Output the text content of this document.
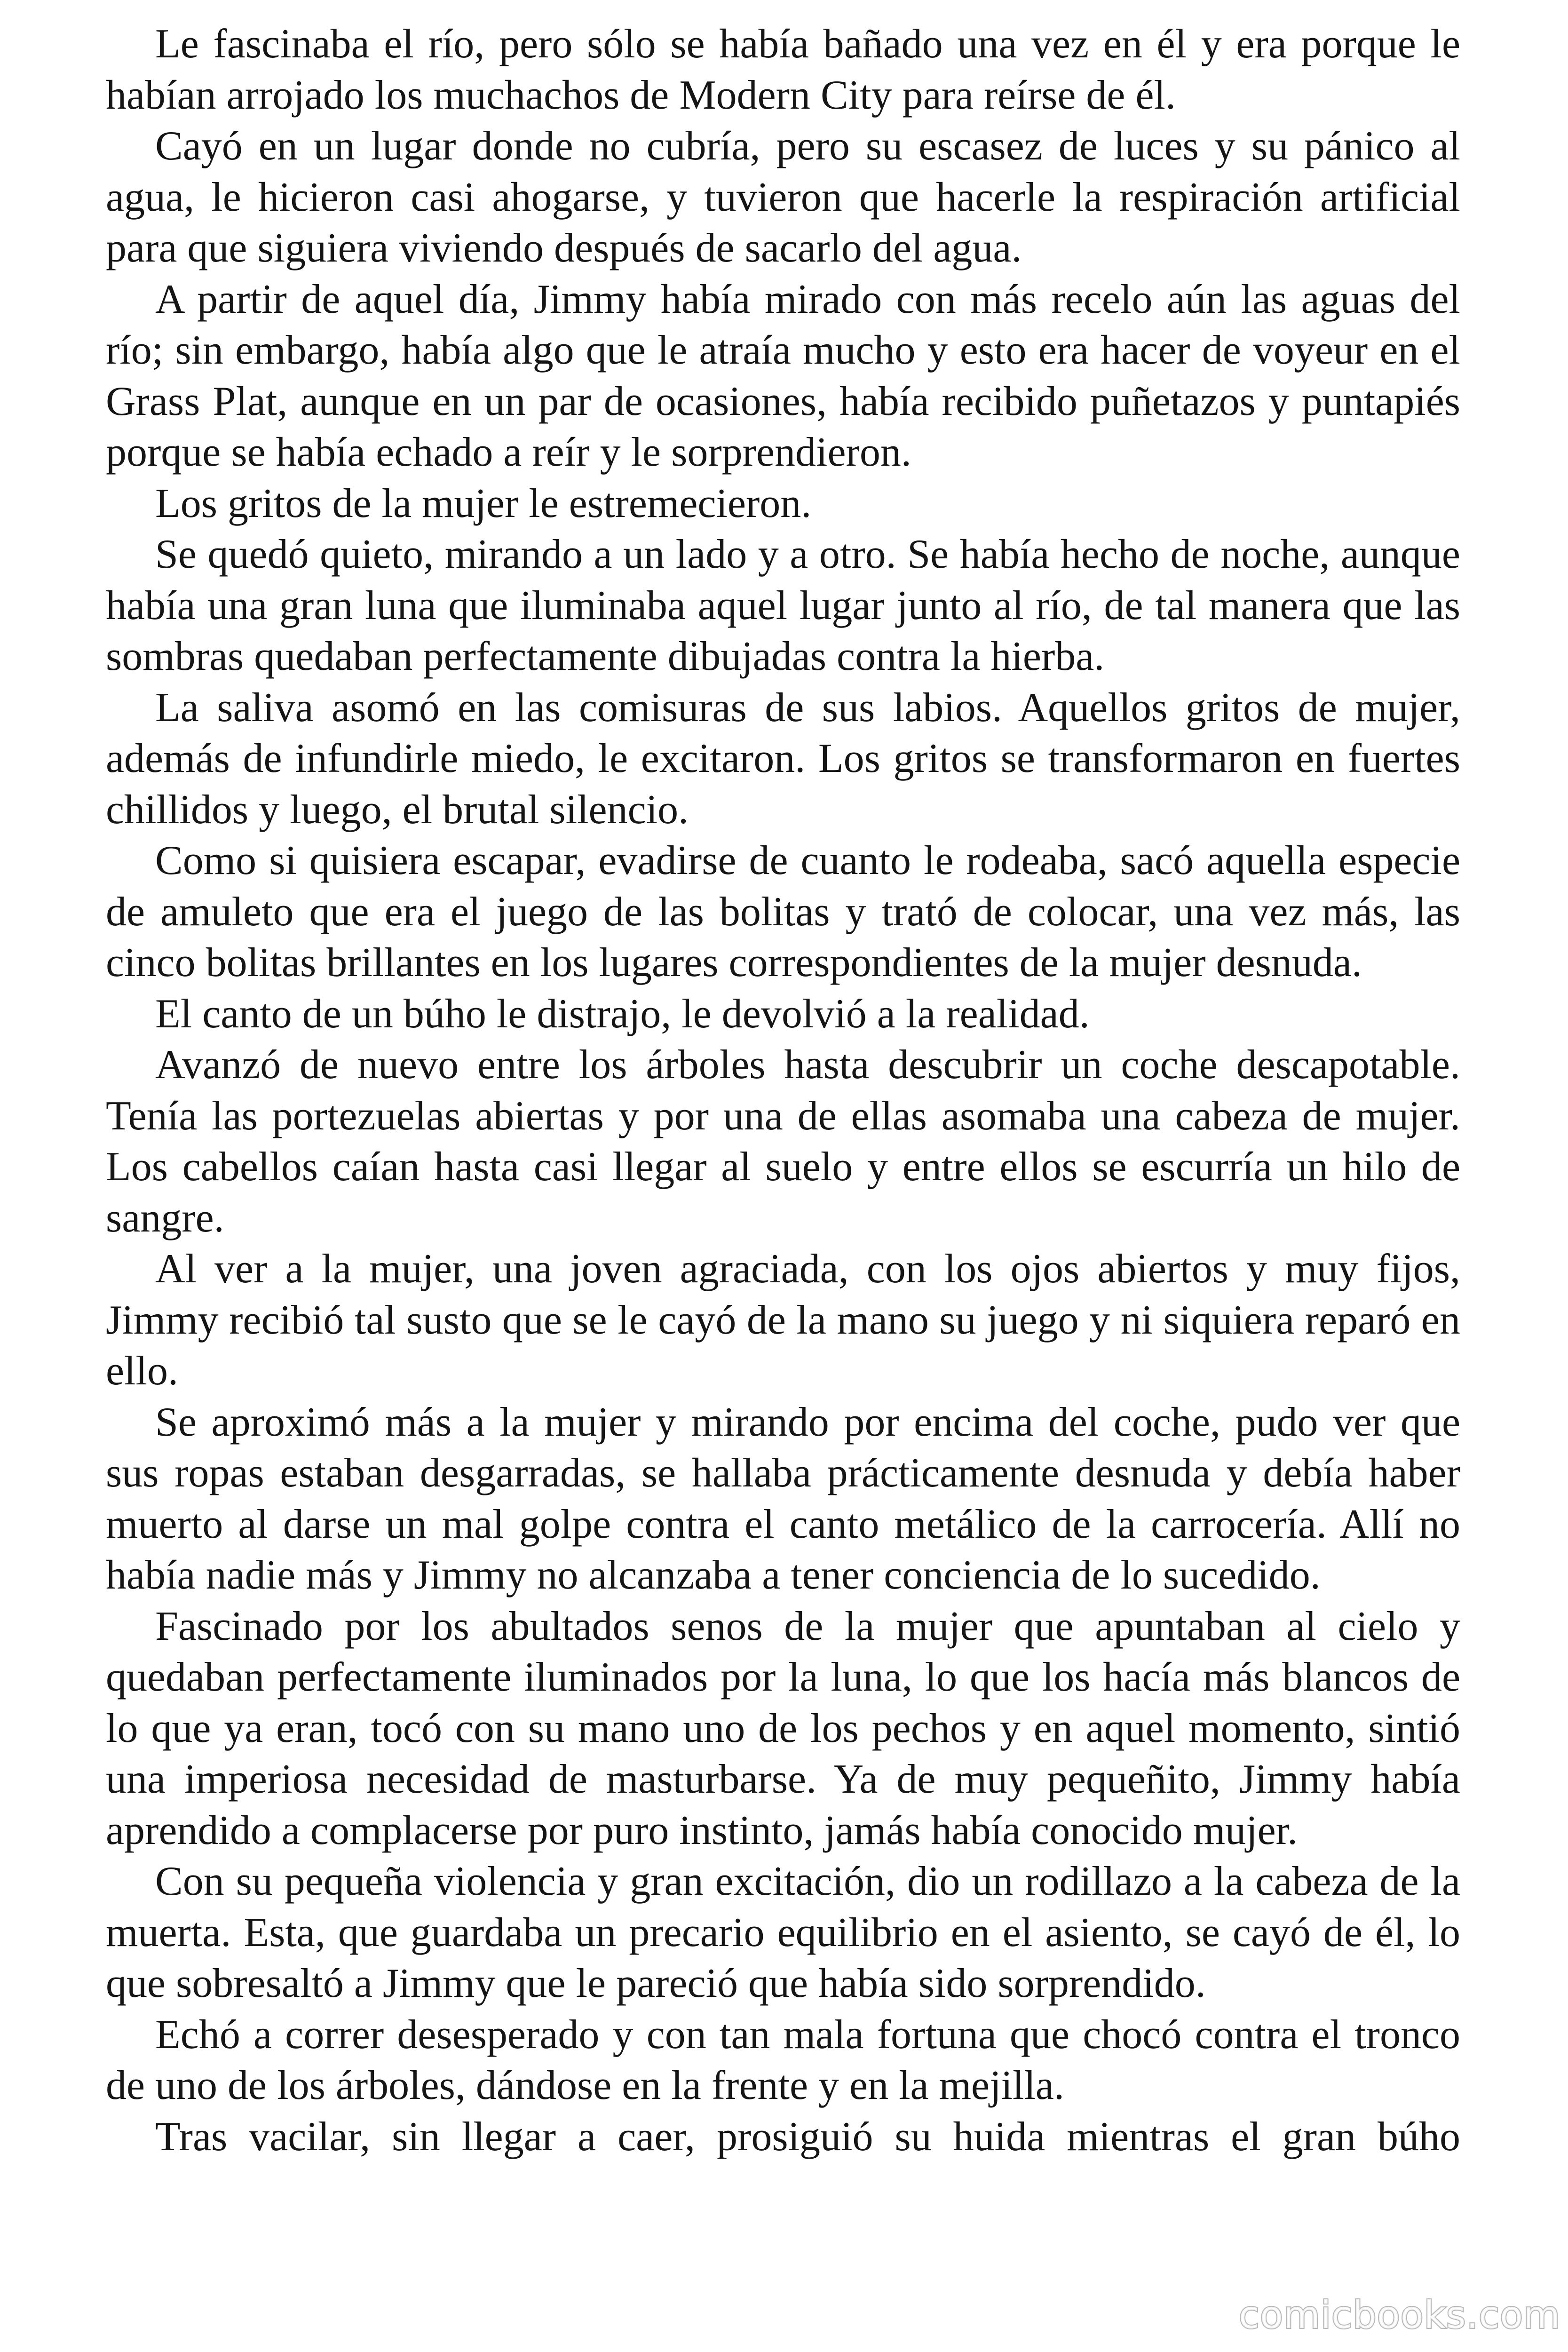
Le fascinaba el río, pero sólo se había bañado una vez en él y era porque le habían arrojado los muchachos de Modern City para reírse de él.

Cayó en un lugar donde no cubría, pero su escasez de luces y su pánico al agua, le hicieron casi ahogarse, y tuvieron que hacerle la respiración artificial para que siguiera viviendo después de sacarlo del agua.

A partir de aquel día, Jimmy había mirado con más recelo aún las aguas del río; sin embargo, había algo que le atraía mucho y esto era hacer de voyeur en el Grass Plat, aunque en un par de ocasiones, había recibido puñetazos y puntapiés porque se había echado a reír y le sorprendieron.

Los gritos de la mujer le estremecieron.

Se quedó quieto, mirando a un lado y a otro. Se había hecho de noche, aunque había una gran luna que iluminaba aquel lugar junto al río, de tal manera que las sombras quedaban perfectamente dibujadas contra la hierba.

La saliva asomó en las comisuras de sus labios. Aquellos gritos de mujer, además de infundirle miedo, le excitaron. Los gritos se transformaron en fuertes chillidos y luego, el brutal silencio.

Como si quisiera escapar, evadirse de cuanto le rodeaba, sacó aquella especie de amuleto que era el juego de las bolitas y trató de colocar, una vez más, las cinco bolitas brillantes en los lugares correspondientes de la mujer desnuda.

El canto de un búho le distrajo, le devolvió a la realidad.

Avanzó de nuevo entre los árboles hasta descubrir un coche descapotable. Tenía las portezuelas abiertas y por una de ellas asomaba una cabeza de mujer. Los cabellos caían hasta casi llegar al suelo y entre ellos se escurría un hilo de sangre.

Al ver a la mujer, una joven agraciada, con los ojos abiertos y muy fijos, Jimmy recibió tal susto que se le cayó de la mano su juego y ni siquiera reparó en ello.

Se aproximó más a la mujer y mirando por encima del coche, pudo ver que sus ropas estaban desgarradas, se hallaba prácticamente desnuda y debía haber muerto al darse un mal golpe contra el canto metálico de la carrocería. Allí no había nadie más y Jimmy no alcanzaba a tener conciencia de lo sucedido.

Fascinado por los abultados senos de la mujer que apuntaban al cielo y quedaban perfectamente iluminados por la luna, lo que los hacía más blancos de lo que ya eran, tocó con su mano uno de los pechos y en aquel momento, sintió una imperiosa necesidad de masturbarse. Ya de muy pequeñito, Jimmy había aprendido a complacerse por puro instinto, jamás había conocido mujer.

Con su pequeña violencia y gran excitación, dio un rodillazo a la cabeza de la muerta. Esta, que guardaba un precario equilibrio en el asiento, se cayó de él, lo que sobresaltó a Jimmy que le pareció que había sido sorprendido.

Echó a correr desesperado y con tan mala fortuna que chocó contra el tronco de uno de los árboles, dándose en la frente y en la mejilla.

Tras vacilar, sin llegar a caer, prosiguió su huida mientras el gran búho

comicbooks.com
